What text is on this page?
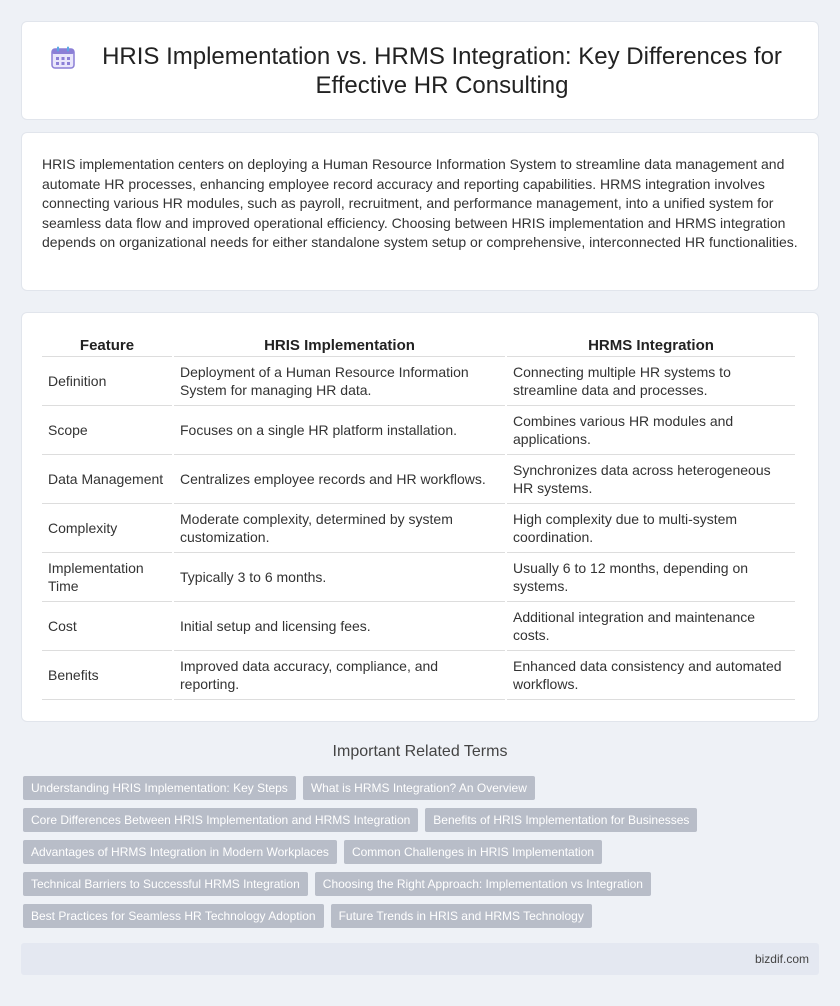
HRIS Implementation vs. HRMS Integration: Key Differences for Effective HR Consulting

HRIS implementation centers on deploying a Human Resource Information System to streamline data management and automate HR processes, enhancing employee record accuracy and reporting capabilities. HRMS integration involves connecting various HR modules, such as payroll, recruitment, and performance management, into a unified system for seamless data flow and improved operational efficiency. Choosing between HRIS implementation and HRMS integration depends on organizational needs for either standalone system setup or comprehensive, interconnected HR functionalities.

Feature	HRIS Implementation	HRMS Integration
Definition	Deployment of a Human Resource Information System for managing HR data.	Connecting multiple HR systems to streamline data and processes.
Scope	Focuses on a single HR platform installation.	Combines various HR modules and applications.
Data Management	Centralizes employee records and HR workflows.	Synchronizes data across heterogeneous HR systems.
Complexity	Moderate complexity, determined by system customization.	High complexity due to multi-system coordination.
Implementation Time	Typically 3 to 6 months.	Usually 6 to 12 months, depending on systems.
Cost	Initial setup and licensing fees.	Additional integration and maintenance costs.
Benefits	Improved data accuracy, compliance, and reporting.	Enhanced data consistency and automated workflows.
Important Related Terms
Understanding HRIS Implementation: Key Steps	What is HRMS Integration? An Overview
Core Differences Between HRIS Implementation and HRMS Integration	Benefits of HRIS Implementation for Businesses
Advantages of HRMS Integration in Modern Workplaces	Common Challenges in HRIS Implementation
Technical Barriers to Successful HRMS Integration	Choosing the Right Approach: Implementation vs Integration
Best Practices for Seamless HR Technology Adoption	Future Trends in HRIS and HRMS Technology
bizdif.com
